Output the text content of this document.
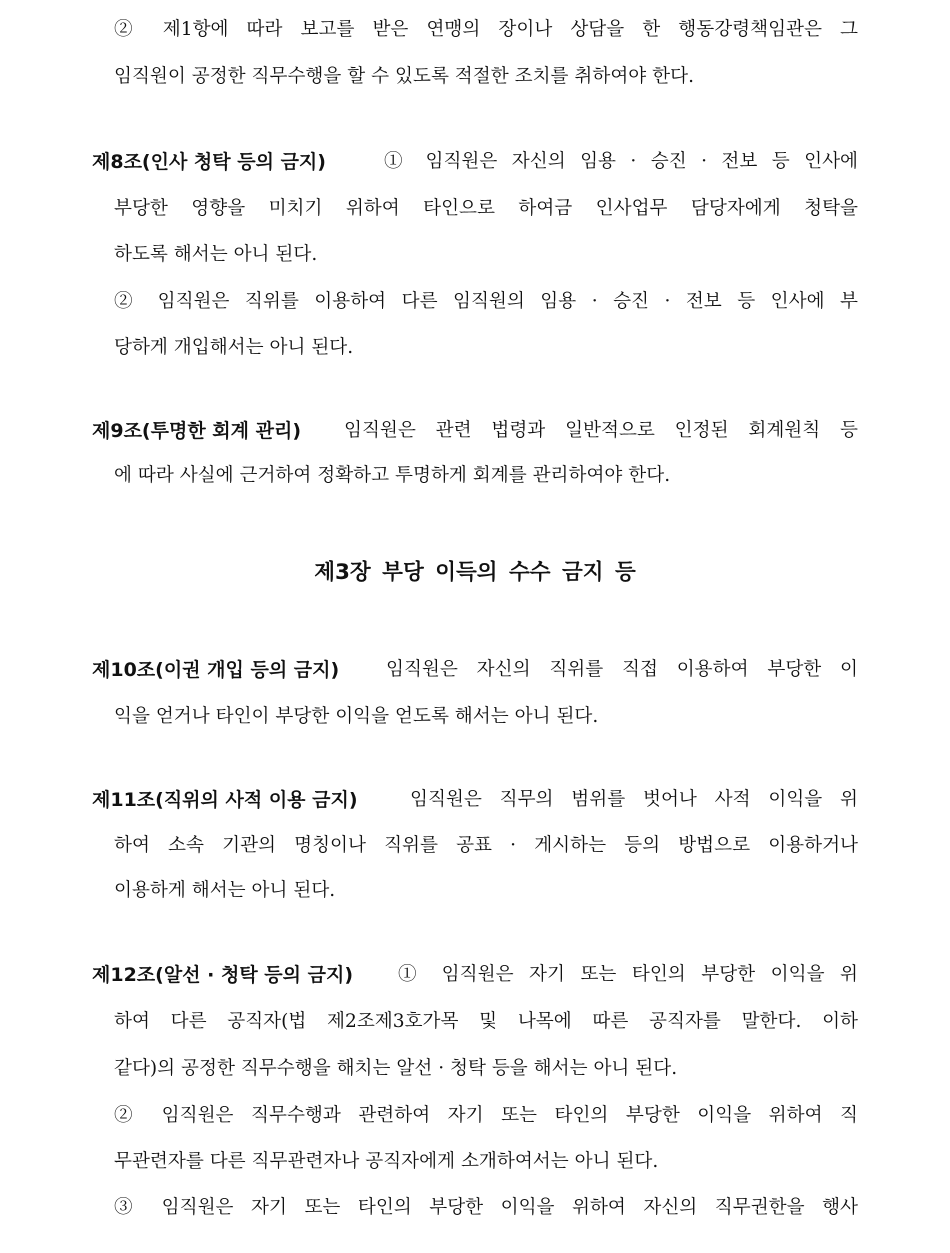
② 제1항에 따라 보고를 받은 연맹의 장이나 상담을 한 행동강령책임관은 그
임직원이 공정한 직무수행을 할 수 있도록 적절한 조치를 취하여야 한다.
제8조(인사 청탁 등의 금지)	① 임직원은 자신의 임용 · 승진 · 전보 등 인사에
부당한 영향을 미치기 위하여 타인으로 하여금 인사업무 담당자에게 청탁을
하도록 해서는 아니 된다.
② 임직원은 직위를 이용하여 다른 임직원의 임용 · 승진 · 전보 등 인사에 부
당하게 개입해서는 아니 된다.
제9조(투명한 회계 관리) 임직원은 관련 법령과 일반적으로 인정된 회계원칙 등
에 따라 사실에 근거하여 정확하고 투명하게 회계를 관리하여야 한다.
제3장 부당 이득의 수수 금지 등
제10조(이권 개입 등의 금지)	임직원은 자신의 직위를 직접 이용하여 부당한 이
익을 얻거나 타인이 부당한 이익을 얻도록 해서는 아니 된다.
제11조(직위의 사적 이용 금지)	임직원은 직무의 범위를 벗어나 사적 이익을 위
하여 소속 기관의 명칭이나 직위를 공표 · 게시하는 등의 방법으로 이용하거나
이용하게 해서는 아니 된다.
제12조(알선 · 청탁 등의 금지) ① 임직원은 자기 또는 타인의 부당한 이익을 위
하여 다른 공직자(법 제2조제3호가목 및 나목에 따른 공직자를 말한다. 이하
같다)의 공정한 직무수행을 해치는 알선 · 청탁 등을 해서는 아니 된다.
② 임직원은 직무수행과 관련하여 자기 또는 타인의 부당한 이익을 위하여 직
무관련자를 다른 직무관련자나 공직자에게 소개하여서는 아니 된다.
③ 임직원은 자기 또는 타인의 부당한 이익을 위하여 자신의 직무권한을 행사
